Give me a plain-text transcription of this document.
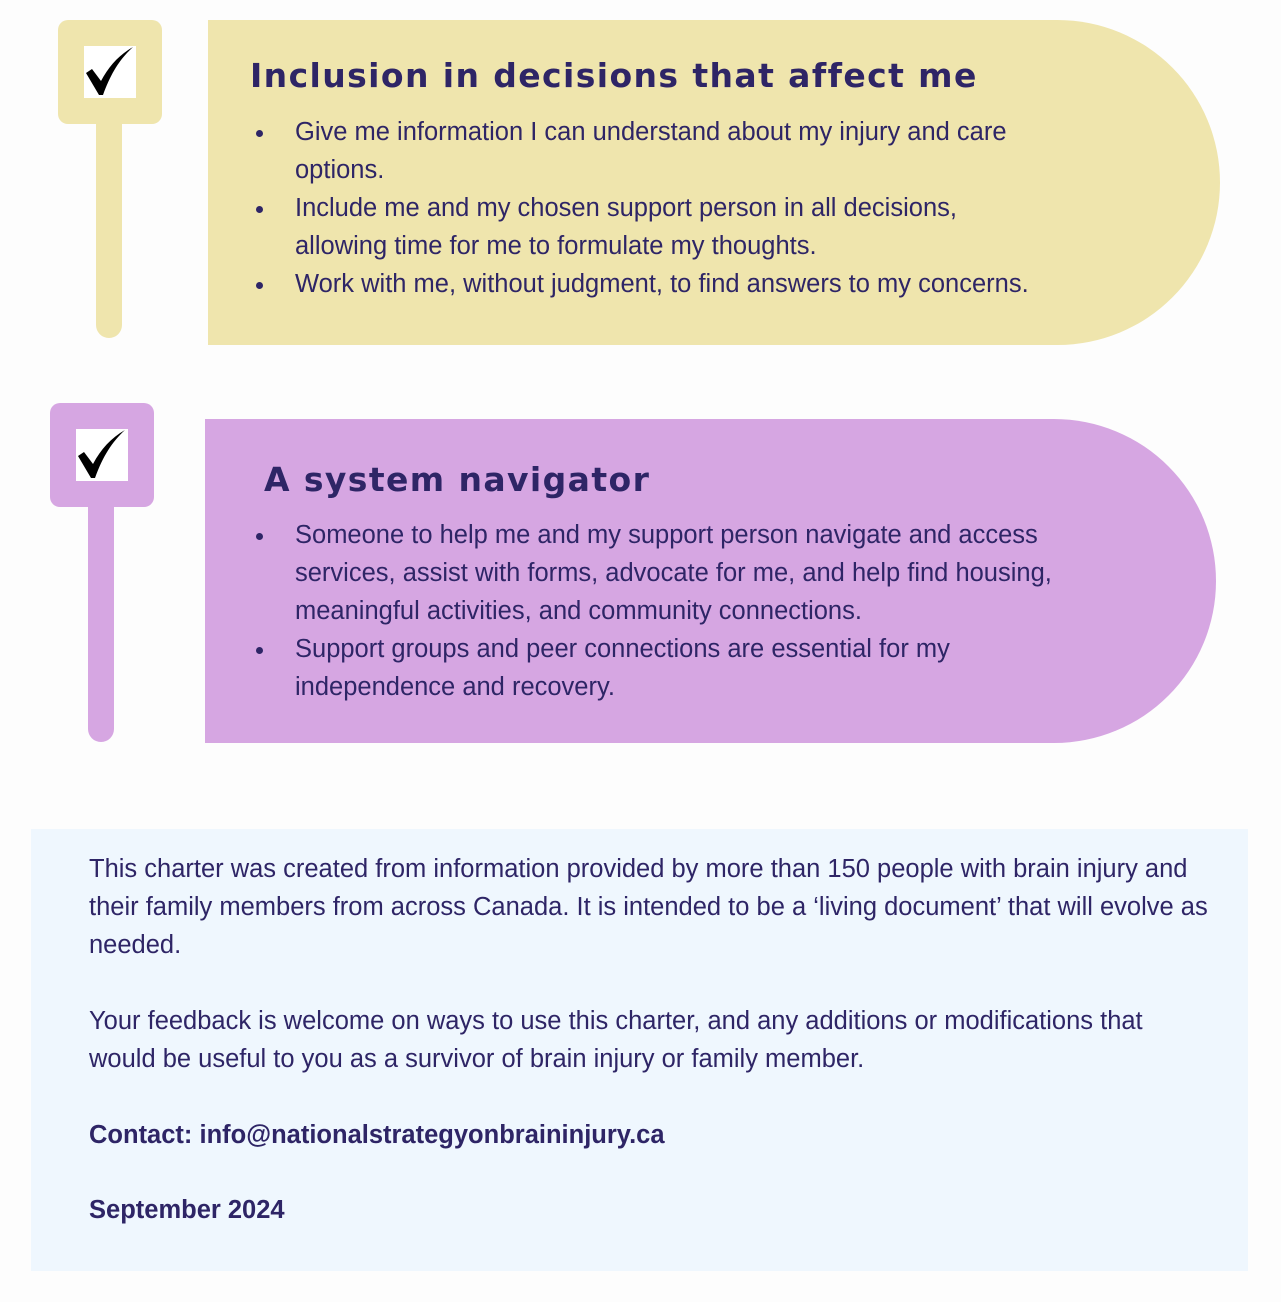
Inclusion in decisions that affect me
Give me information I can understand about my injury and care options.
Include me and my chosen support person in all decisions, allowing time for me to formulate my thoughts.
Work with me, without judgment, to find answers to my concerns.
A system navigator
Someone to help me and my support person navigate and access services, assist with forms, advocate for me, and help find housing, meaningful activities, and community connections.
Support groups and peer connections are essential for my independence and recovery.

This charter was created from information provided by more than 150 people with brain injury and their family members from across Canada. It is intended to be a ‘living document’ that will evolve as needed.

Your feedback is welcome on ways to use this charter, and any additions or modifications that would be useful to you as a survivor of brain injury or family member.

Contact: info@nationalstrategyonbraininjury.ca

September 2024
